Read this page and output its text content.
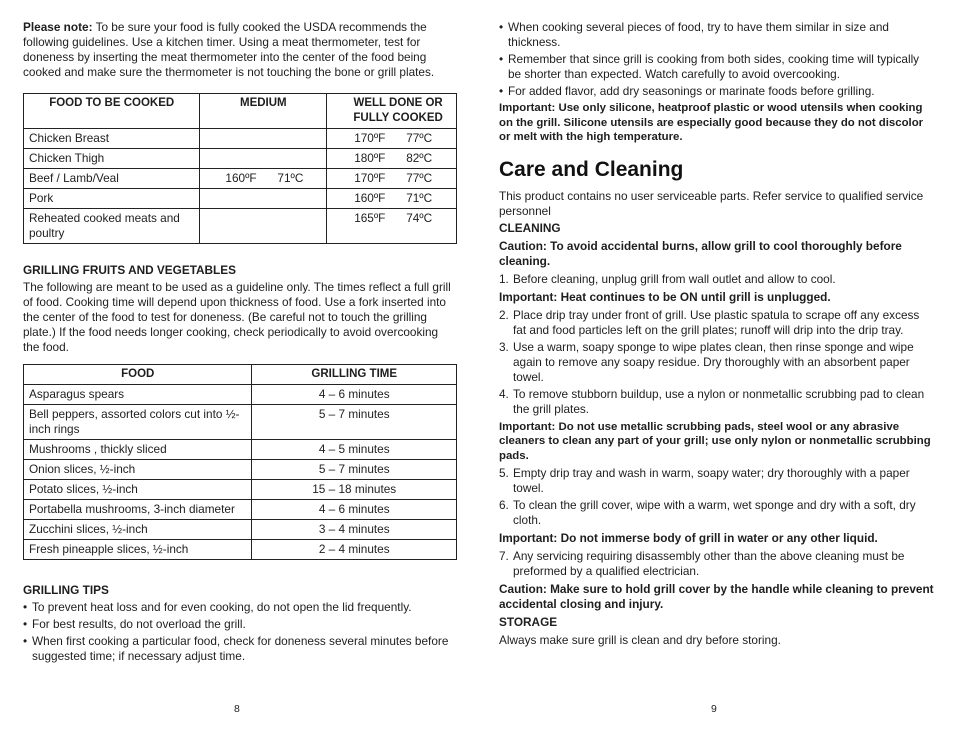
Please note: To be sure your food is fully cooked the USDA recommends the following guidelines. Use a kitchen timer. Using a meat thermometer, test for doneness by inserting the meat thermometer into the center of the food being cooked and make sure the thermometer is not touching the bone or grill plates.

FOOD TO BE COOKED	MEDIUM	WELL DONE OR FULLY COOKED
Chicken Breast		170ºF 77ºC
Chicken Thigh		180ºF 82ºC
Beef / Lamb/Veal	160ºF 71ºC	170ºF 77ºC
Pork		160ºF 71ºC
Reheated cooked meats and poultry		165ºF 74ºC

GRILLING FRUITS AND VEGETABLES

The following are meant to be used as a guideline only. The times reflect a full grill of food. Cooking time will depend upon thickness of food. Use a fork inserted into the center of the food to test for doneness. (Be careful not to touch the grilling plate.) If the food needs longer cooking, check periodically to avoid overcooking the food.

FOOD	GRILLING TIME
Asparagus spears	4 – 6 minutes
Bell peppers, assorted colors cut into ½-inch rings	5 – 7 minutes
Mushrooms , thickly sliced	4 – 5 minutes
Onion slices, ½-inch	5 – 7 minutes
Potato slices, ½-inch	15 – 18 minutes
Portabella mushrooms, 3-inch diameter	4 – 6 minutes
Zucchini slices, ½-inch	3 – 4 minutes
Fresh pineapple slices, ½-inch	2 – 4 minutes

GRILLING TIPS

• To prevent heat loss and for even cooking, do not open the lid frequently.
• For best results, do not overload the grill.
• When first cooking a particular food, check for doneness several minutes before suggested time; if necessary adjust time.
• When cooking several pieces of food, try to have them similar in size and thickness.
• Remember that since grill is cooking from both sides, cooking time will typically be shorter than expected. Watch carefully to avoid overcooking.
• For added flavor, add dry seasonings or marinate foods before grilling.

Important: Use only silicone, heatproof plastic or wood utensils when cooking on the grill. Silicone utensils are especially good because they do not discolor or melt with the high temperature.

Care and Cleaning

This product contains no user serviceable parts. Refer service to qualified service personnel

CLEANING

Caution: To avoid accidental burns, allow grill to cool thoroughly before cleaning.

1. Before cleaning, unplug grill from wall outlet and allow to cool.

Important: Heat continues to be ON until grill is unplugged.

2. Place drip tray under front of grill. Use plastic spatula to scrape off any excess fat and food particles left on the grill plates; runoff will drip into the drip tray.
3. Use a warm, soapy sponge to wipe plates clean, then rinse sponge and wipe again to remove any soapy residue. Dry thoroughly with an absorbent paper towel.
4. To remove stubborn buildup, use a nylon or nonmetallic scrubbing pad to clean the grill plates.

Important: Do not use metallic scrubbing pads, steel wool or any abrasive cleaners to clean any part of your grill; use only nylon or nonmetallic scrubbing pads.

5. Empty drip tray and wash in warm, soapy water; dry thoroughly with a paper towel.
6. To clean the grill cover, wipe with a warm, wet sponge and dry with a soft, dry cloth.

Important: Do not immerse body of grill in water or any other liquid.

7. Any servicing requiring disassembly other than the above cleaning must be preformed by a qualified electrician.

Caution: Make sure to hold grill cover by the handle while cleaning to prevent accidental closing and injury.

STORAGE

Always make sure grill is clean and dry before storing.

8	9
